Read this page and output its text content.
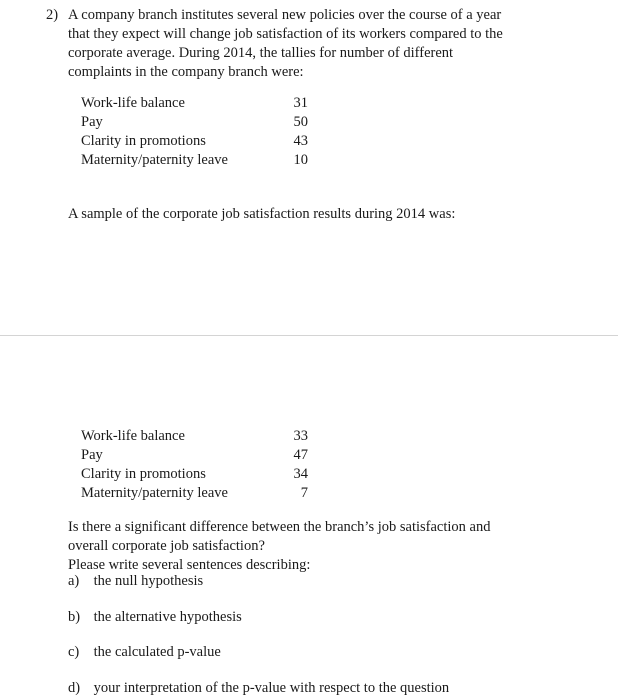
2) A company branch institutes several new policies over the course of a year

that they expect will change job satisfaction of its workers compared to the

corporate average. During 2014, the tallies for number of different

complaints in the company branch were:

Work-life balance	31
Pay	50
Clarity in promotions	43
Maternity/paternity leave	10
A sample of the corporate job satisfaction results during 2014 was:
Work-life balance	33
Pay	47
Clarity in promotions	34
Maternity/paternity leave	7

Is there a significant difference between the branch’s job satisfaction and

overall corporate job satisfaction?

Please write several sentences describing:

a) the null hypothesis
b) the alternative hypothesis
c) the calculated p-value
d) your interpretation of the p-value with respect to the question
